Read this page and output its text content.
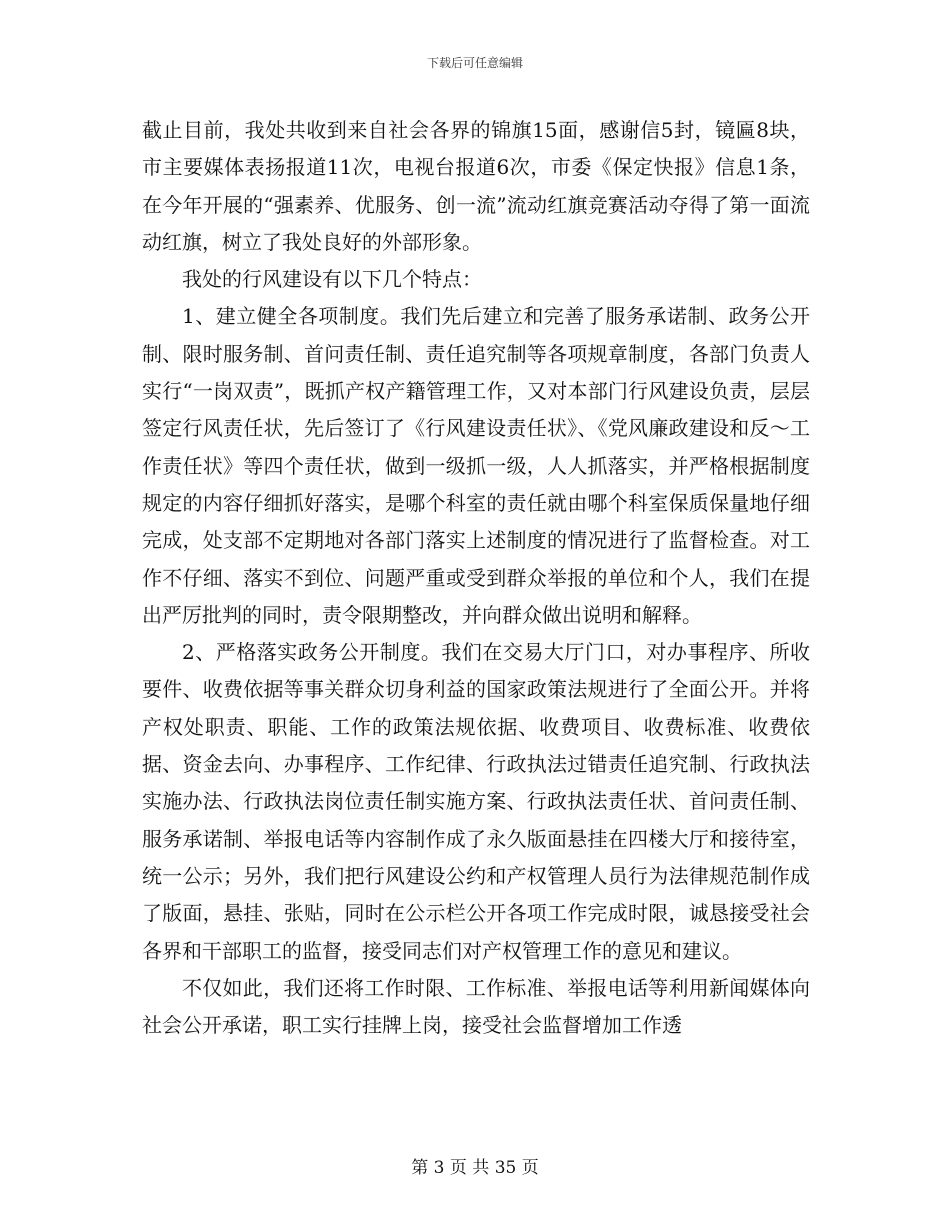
下载后可任意编辑

截止目前，我处共收到来自社会各界的锦旗15面，感谢信5封，镜匾8块，市主要媒体表扬报道11次，电视台报道6次，市委《保定快报》信息1条，在今年开展的“强素养、优服务、创一流”流动红旗竞赛活动夺得了第一面流动红旗，树立了我处良好的外部形象。

我处的行风建设有以下几个特点：

1、建立健全各项制度。我们先后建立和完善了服务承诺制、政务公开制、限时服务制、首问责任制、责任追究制等各项规章制度，各部门负责人实行“一岗双责”，既抓产权产籍管理工作，又对本部门行风建设负责，层层签定行风责任状，先后签订了《行风建设责任状》、《党风廉政建设和反～工作责任状》等四个责任状，做到一级抓一级，人人抓落实，并严格根据制度规定的内容仔细抓好落实，是哪个科室的责任就由哪个科室保质保量地仔细完成，处支部不定期地对各部门落实上述制度的情况进行了监督检查。对工作不仔细、落实不到位、问题严重或受到群众举报的单位和个人，我们在提出严厉批判的同时，责令限期整改，并向群众做出说明和解释。

2、严格落实政务公开制度。我们在交易大厅门口，对办事程序、所收要件、收费依据等事关群众切身利益的国家政策法规进行了全面公开。并将产权处职责、职能、工作的政策法规依据、收费项目、收费标准、收费依据、资金去向、办事程序、工作纪律、行政执法过错责任追究制、行政执法实施办法、行政执法岗位责任制实施方案、行政执法责任状、首问责任制、服务承诺制、举报电话等内容制作成了永久版面悬挂在四楼大厅和接待室，统一公示；另外，我们把行风建设公约和产权管理人员行为法律规范制作成了版面，悬挂、张贴，同时在公示栏公开各项工作完成时限，诚恳接受社会各界和干部职工的监督，接受同志们对产权管理工作的意见和建议。

不仅如此，我们还将工作时限、工作标准、举报电话等利用新闻媒体向社会公开承诺，职工实行挂牌上岗，接受社会监督增加工作透

第 3 页 共 35 页
